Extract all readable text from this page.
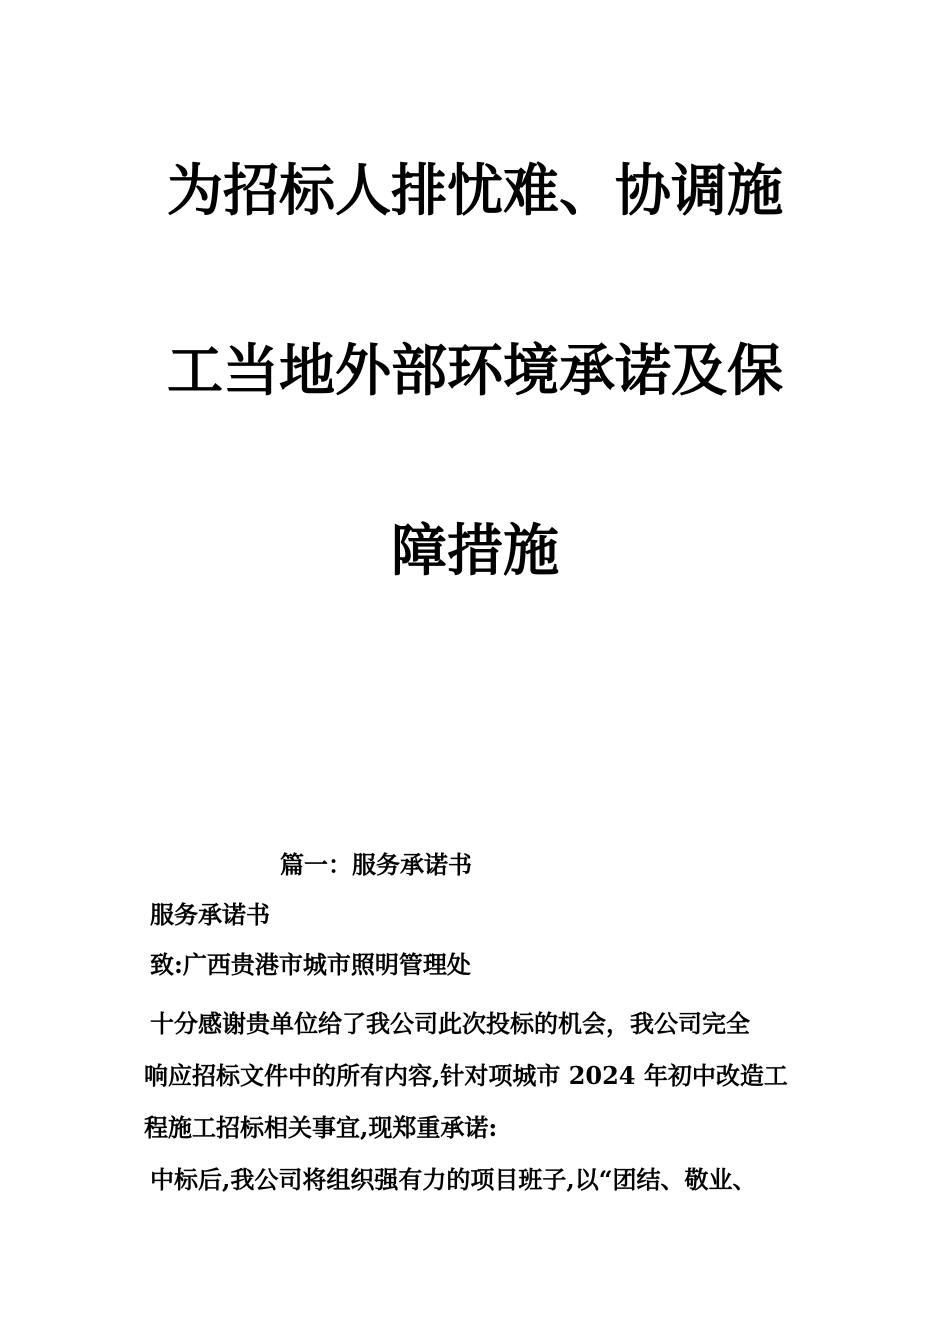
为招标人排忧难、协调施
工当地外部环境承诺及保
障措施
篇一：服务承诺书
服务承诺书
致:广西贵港市城市照明管理处
十分感谢贵单位给了我公司此次投标的机会，我公司完全
响应招标文件中的所有内容,针对项城市 2024 年初中改造工
程施工招标相关事宜,现郑重承诺:
中标后,我公司将组织强有力的项目班子,以“团结、敬业、
